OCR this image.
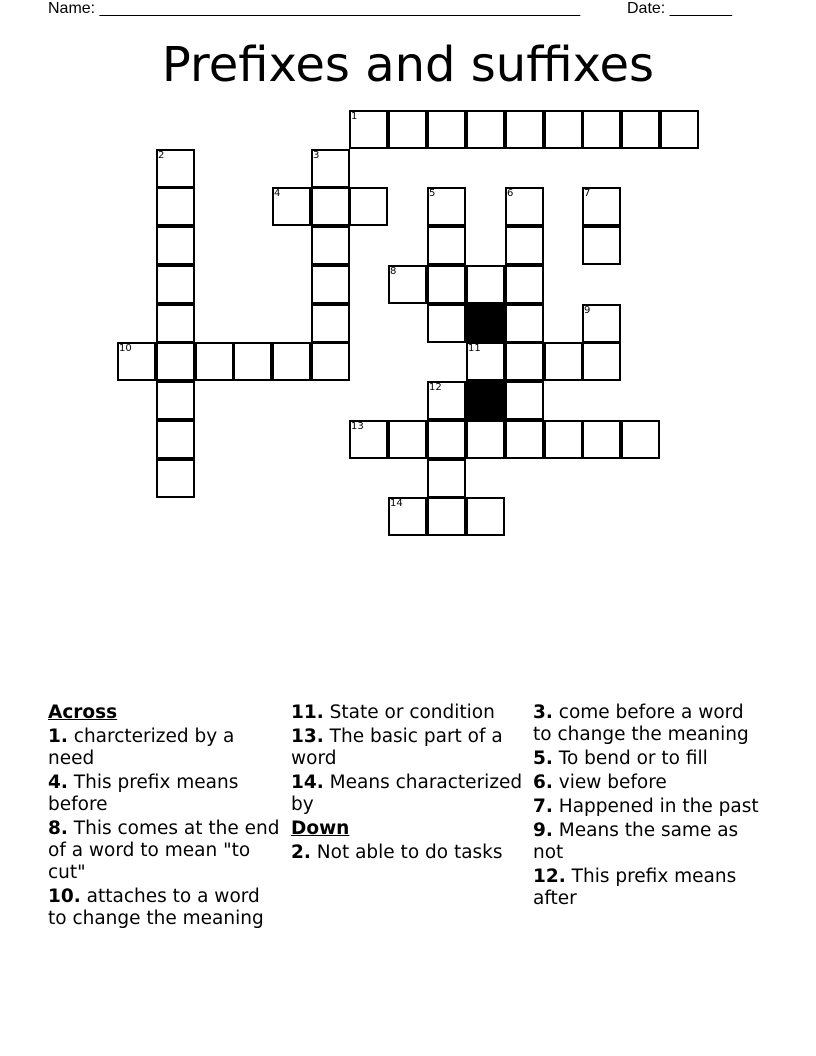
Name: ______________________________________________________	Date: _______
Prefixes and suffixes
1
2	3
4	5	6	7
8
9
10	11
12
13
14
Across
1. charcterized by a need
4. This prefix means before
8. This comes at the end of a word to mean "to cut"
10. attaches to a word to change the meaning
11. State or condition
13. The basic part of a word
14. Means characterized by
Down
2. Not able to do tasks
3. come before a word to change the meaning
5. To bend or to fill
6. view before
7. Happened in the past
9. Means the same as not
12. This prefix means after
